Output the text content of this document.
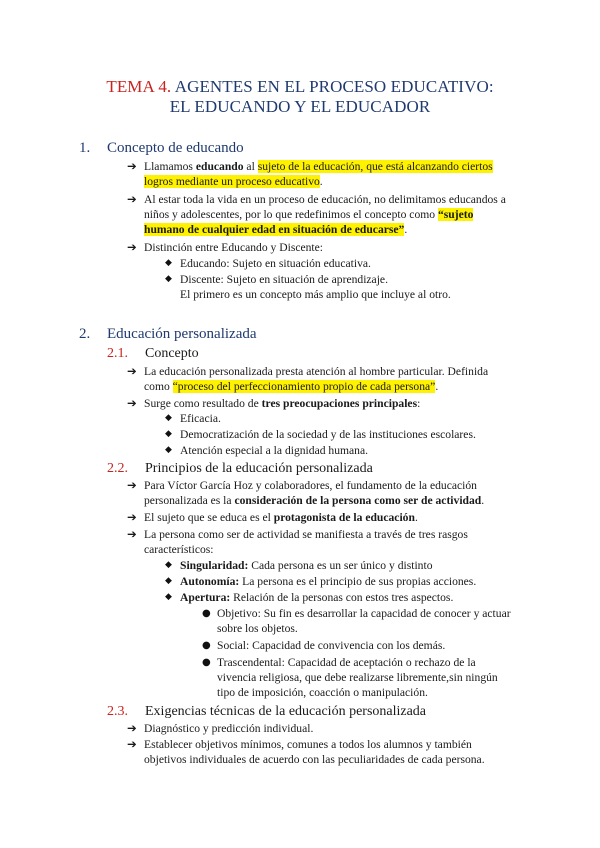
TEMA 4. AGENTES EN EL PROCESO EDUCATIVO:
EL EDUCANDO Y EL EDUCADOR
1. Concepto de educando
➔ Llamamos educando al sujeto de la educación, que está alcanzando ciertos
logros mediante un proceso educativo.
➔ Al estar toda la vida en un proceso de educación, no delimitamos educandos a
niños y adolescentes, por lo que redefinimos el concepto como “sujeto
humano de cualquier edad en situación de educarse”.
➔ Distinción entre Educando y Discente:
◆ Educando: Sujeto en situación educativa.
◆ Discente: Sujeto en situación de aprendizaje.
El primero es un concepto más amplio que incluye al otro.
2. Educación personalizada
2.1. Concepto
➔ La educación personalizada presta atención al hombre particular. Definida
como “proceso del perfeccionamiento propio de cada persona”.
➔ Surge como resultado de tres preocupaciones principales:
◆ Eficacia.
◆ Democratización de la sociedad y de las instituciones escolares.
◆ Atención especial a la dignidad humana.
2.2. Principios de la educación personalizada
➔ Para Víctor García Hoz y colaboradores, el fundamento de la educación
personalizada es la consideración de la persona como ser de actividad.
➔ El sujeto que se educa es el protagonista de la educación.
➔ La persona como ser de actividad se manifiesta a través de tres rasgos
característicos:
◆ Singularidad: Cada persona es un ser único y distinto
◆ Autonomía: La persona es el principio de sus propias acciones.
◆ Apertura: Relación de la personas con estos tres aspectos.
● Objetivo: Su fin es desarrollar la capacidad de conocer y actuar
sobre los objetos.
● Social: Capacidad de convivencia con los demás.
● Trascendental: Capacidad de aceptación o rechazo de la
vivencia religiosa, que debe realizarse libremente,sin ningún
tipo de imposición, coacción o manipulación.
2.3. Exigencias técnicas de la educación personalizada
➔ Diagnóstico y predicción individual.
➔ Establecer objetivos mínimos, comunes a todos los alumnos y también
objetivos individuales de acuerdo con las peculiaridades de cada persona.
